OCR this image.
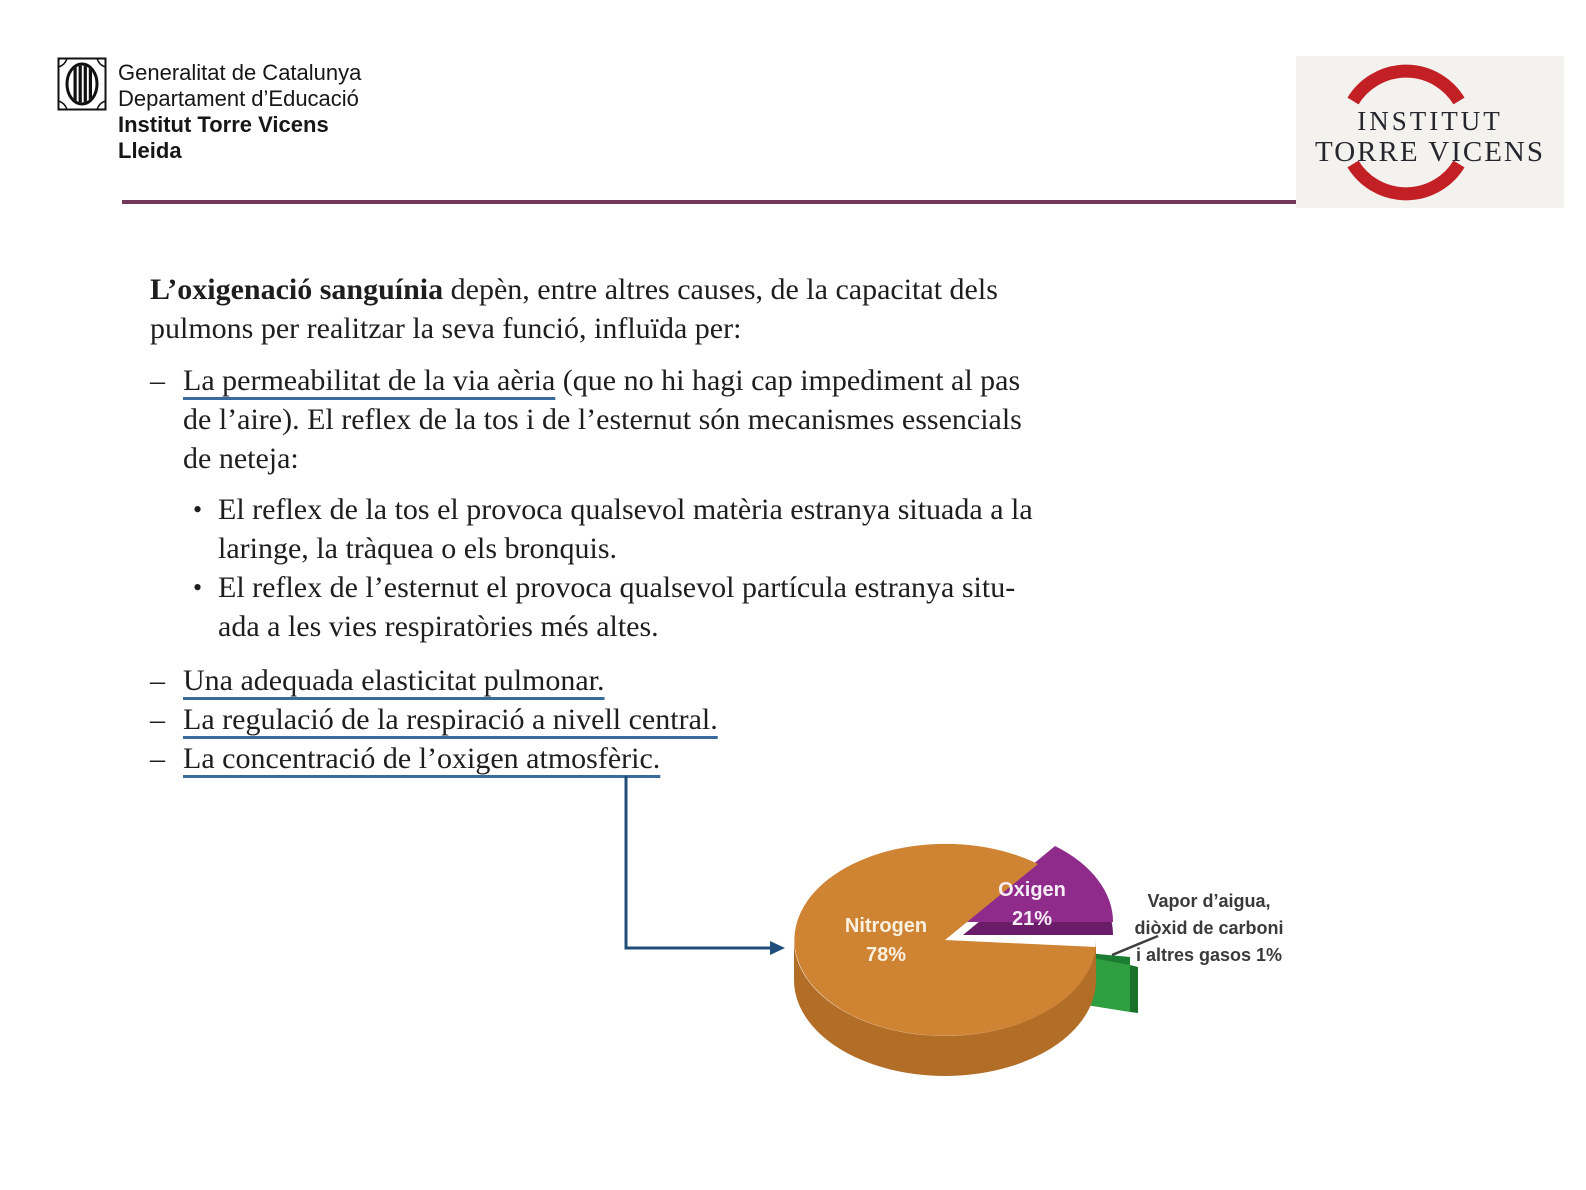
Generalitat de Catalunya
Departament d’Educació
Institut Torre Vicens
Lleida
INSTITUT
TORRE VICENS
L’oxigenació sanguínia depèn, entre altres causes, de la capacitat dels
pulmons per realitzar la seva funció, influïda per:
– La permeabilitat de la via aèria (que no hi hagi cap impediment al pas
de l’aire). El reflex de la tos i de l’esternut són mecanismes essencials
de neteja:
• El reflex de la tos el provoca qualsevol matèria estranya situada a la
laringe, la tràquea o els bronquis.
• El reflex de l’esternut el provoca qualsevol partícula estranya situ-
ada a les vies respiratòries més altes.
– Una adequada elasticitat pulmonar.
– La regulació de la respiració a nivell central.
– La concentració de l’oxigen atmosfèric.
Nitrogen
78%
Oxigen
21%
Vapor d’aigua,
diòxid de carboni
i altres gasos 1%
